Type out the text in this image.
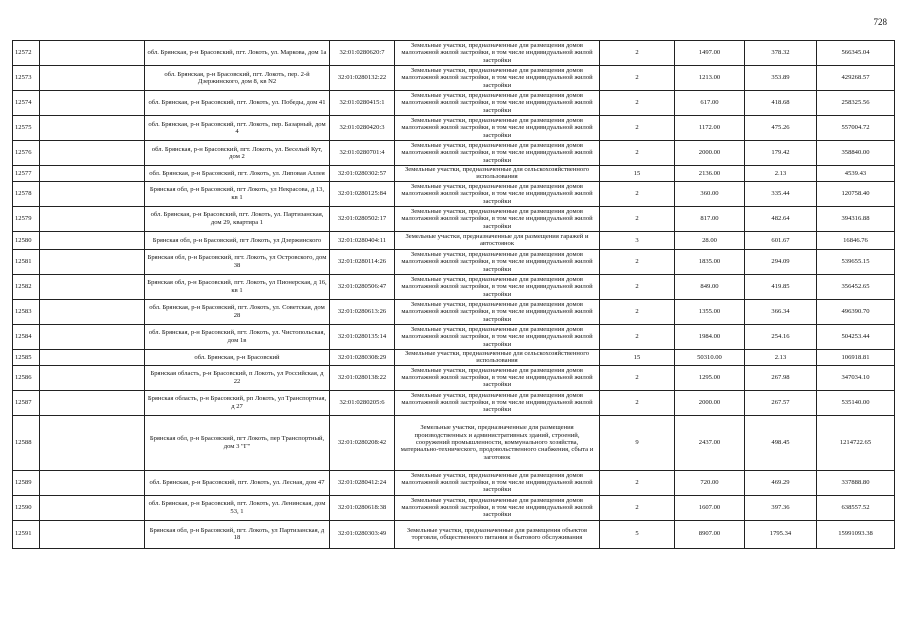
728
12572		обл. Брянская, р-н Брасовский, пгт. Локоть, ул. Маркова, дом 1а	32:01:0280620:7	Земельные участки, предназначенные для размещения домов малоэтажной жилой застройки, в том числе индивидуальной жилой застройки	2	1497.00	378.32	566345.04
12573		обл. Брянская, р-н Брасовский, пгт. Локоть, пер. 2-й Дзержинского, дом 8, кв N2	32:01:0280132:22	Земельные участки, предназначенные для размещения домов малоэтажной жилой застройки, в том числе индивидуальной жилой застройки	2	1213.00	353.89	429268.57
12574		обл. Брянская, р-н Брасовский, пгт. Локоть, ул. Победы, дом 41	32:01:0280415:1	Земельные участки, предназначенные для размещения домов малоэтажной жилой застройки, в том числе индивидуальной жилой застройки	2	617.00	418.68	258325.56
12575		обл. Брянская, р-н Брасовский, пгт. Локоть, пер. Базарный, дом 4	32:01:0280420:3	Земельные участки, предназначенные для размещения домов малоэтажной жилой застройки, в том числе индивидуальной жилой застройки	2	1172.00	475.26	557004.72
12576		обл. Брянская, р-н Брасовский, пгт. Локоть, ул. Веселый Кут, дом 2	32:01:0280701:4	Земельные участки, предназначенные для размещения домов малоэтажной жилой застройки, в том числе индивидуальной жилой застройки	2	2000.00	179.42	358840.00
12577		обл. Брянская, р-н Брасовский, пгт. Локоть, ул. Липовая Аллея	32:01:0280302:57	Земельные участки, предназначенные для сельскохозяйственного использования	15	2136.00	2.13	4539.43
12578		Брянская обл, р-н Брасовский, пгт Локоть, ул Некрасова, д 13, кв 1	32:01:0280125:84	Земельные участки, предназначенные для размещения домов малоэтажной жилой застройки, в том числе индивидуальной жилой застройки	2	360.00	335.44	120758.40
12579		обл. Брянская, р-н Брасовский, пгт. Локоть, ул. Партизанская, дом 29, квартира 1	32:01:0280502:17	Земельные участки, предназначенные для размещения домов малоэтажной жилой застройки, в том числе индивидуальной жилой застройки	2	817.00	482.64	394316.88
12580		Брянская обл, р-н Брасовский, пгт Локоть, ул Дзержинского	32:01:0280404:11	Земельные участки, предназначенные для размещения гаражей и автостоянок	3	28.00	601.67	16846.76
12581		Брянская обл, р-н Брасовский, пгт. Локоть, ул Островского, дом 38	32:01:0280114:26	Земельные участки, предназначенные для размещения домов малоэтажной жилой застройки, в том числе индивидуальной жилой застройки	2	1835.00	294.09	539655.15
12582		Брянская обл, р-н Брасовский, пгт. Локоть, ул Пионерская, д 16, кв 1	32:01:0280506:47	Земельные участки, предназначенные для размещения домов малоэтажной жилой застройки, в том числе индивидуальной жилой застройки	2	849.00	419.85	356452.65
12583		обл. Брянская, р-н Брасовский, пгт. Локоть, ул. Советская, дом 28	32:01:0280613:26	Земельные участки, предназначенные для размещения домов малоэтажной жилой застройки, в том числе индивидуальной жилой застройки	2	1355.00	366.34	496390.70
12584		обл. Брянская, р-н Брасовский, пгт. Локоть, ул. Чистопольская, дом 1в	32:01:0280135:14	Земельные участки, предназначенные для размещения домов малоэтажной жилой застройки, в том числе индивидуальной жилой застройки	2	1984.00	254.16	504253.44
12585		обл. Брянская, р-н Брасовский	32:01:0280308:29	Земельные участки, предназначенные для сельскохозяйственного использования	15	50310.00	2.13	106918.81
12586		Брянская область, р-н Брасовский, п Локоть, ул Российская, д 22	32:01:0280138:22	Земельные участки, предназначенные для размещения домов малоэтажной жилой застройки, в том числе индивидуальной жилой застройки	2	1295.00	267.98	347034.10
12587		Брянская область, р-н Брасовский, рп Локоть, ул Транспортная, д 27	32:01:0280205:6	Земельные участки, предназначенные для размещения домов малоэтажной жилой застройки, в том числе индивидуальной жилой застройки	2	2000.00	267.57	535140.00
12588		Брянская обл, р-н Брасовский, пгт Локоть, пер Транспортный, дом 3 "Г"	32:01:0280208:42	Земельные участки, предназначенные для размещения производственных и административных зданий, строений, сооружений промышленности, коммунального хозяйства, материально-технического, продовольственного снабжения, сбыта и заготовок	9	2437.00	498.45	1214722.65
12589		обл. Брянская, р-н Брасовский, пгт. Локоть, ул. Лесная, дом 47	32:01:0280412:24	Земельные участки, предназначенные для размещения домов малоэтажной жилой застройки, в том числе индивидуальной жилой застройки	2	720.00	469.29	337888.80
12590		обл. Брянская, р-н Брасовский, пгт. Локоть, ул. Ленинская, дом 53, 1	32:01:0280618:38	Земельные участки, предназначенные для размещения домов малоэтажной жилой застройки, в том числе индивидуальной жилой застройки	2	1607.00	397.36	638557.52
12591		Брянская обл, р-н Брасовский, пгт. Локоть, ул Партизанская, д 18	32:01:0280303:49	Земельные участки, предназначенные для размещения объектов торговли, общественного питания и бытового обслуживания	5	8907.00	1795.34	15991093.38
